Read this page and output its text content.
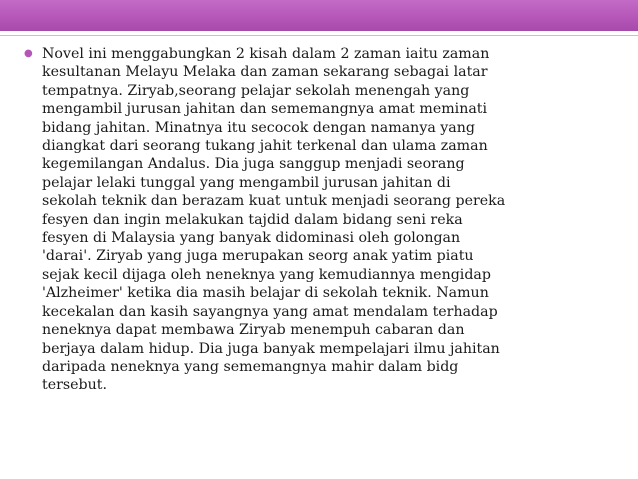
● Novel ini menggabungkan 2 kisah dalam 2 zaman iaitu zaman
kesultanan Melayu Melaka dan zaman sekarang sebagai latar
tempatnya. Ziryab,seorang pelajar sekolah menengah yang
mengambil jurusan jahitan dan sememangnya amat meminati
bidang jahitan. Minatnya itu secocok dengan namanya yang
diangkat dari seorang tukang jahit terkenal dan ulama zaman
kegemilangan Andalus. Dia juga sanggup menjadi seorang
pelajar lelaki tunggal yang mengambil jurusan jahitan di
sekolah teknik dan berazam kuat untuk menjadi seorang pereka
fesyen dan ingin melakukan tajdid dalam bidang seni reka
fesyen di Malaysia yang banyak didominasi oleh golongan
'darai'. Ziryab yang juga merupakan seorg anak yatim piatu
sejak kecil dijaga oleh neneknya yang kemudiannya mengidap
'Alzheimer' ketika dia masih belajar di sekolah teknik. Namun
kecekalan dan kasih sayangnya yang amat mendalam terhadap
neneknya dapat membawa Ziryab menempuh cabaran dan
berjaya dalam hidup. Dia juga banyak mempelajari ilmu jahitan
daripada neneknya yang sememangnya mahir dalam bidg
tersebut.
